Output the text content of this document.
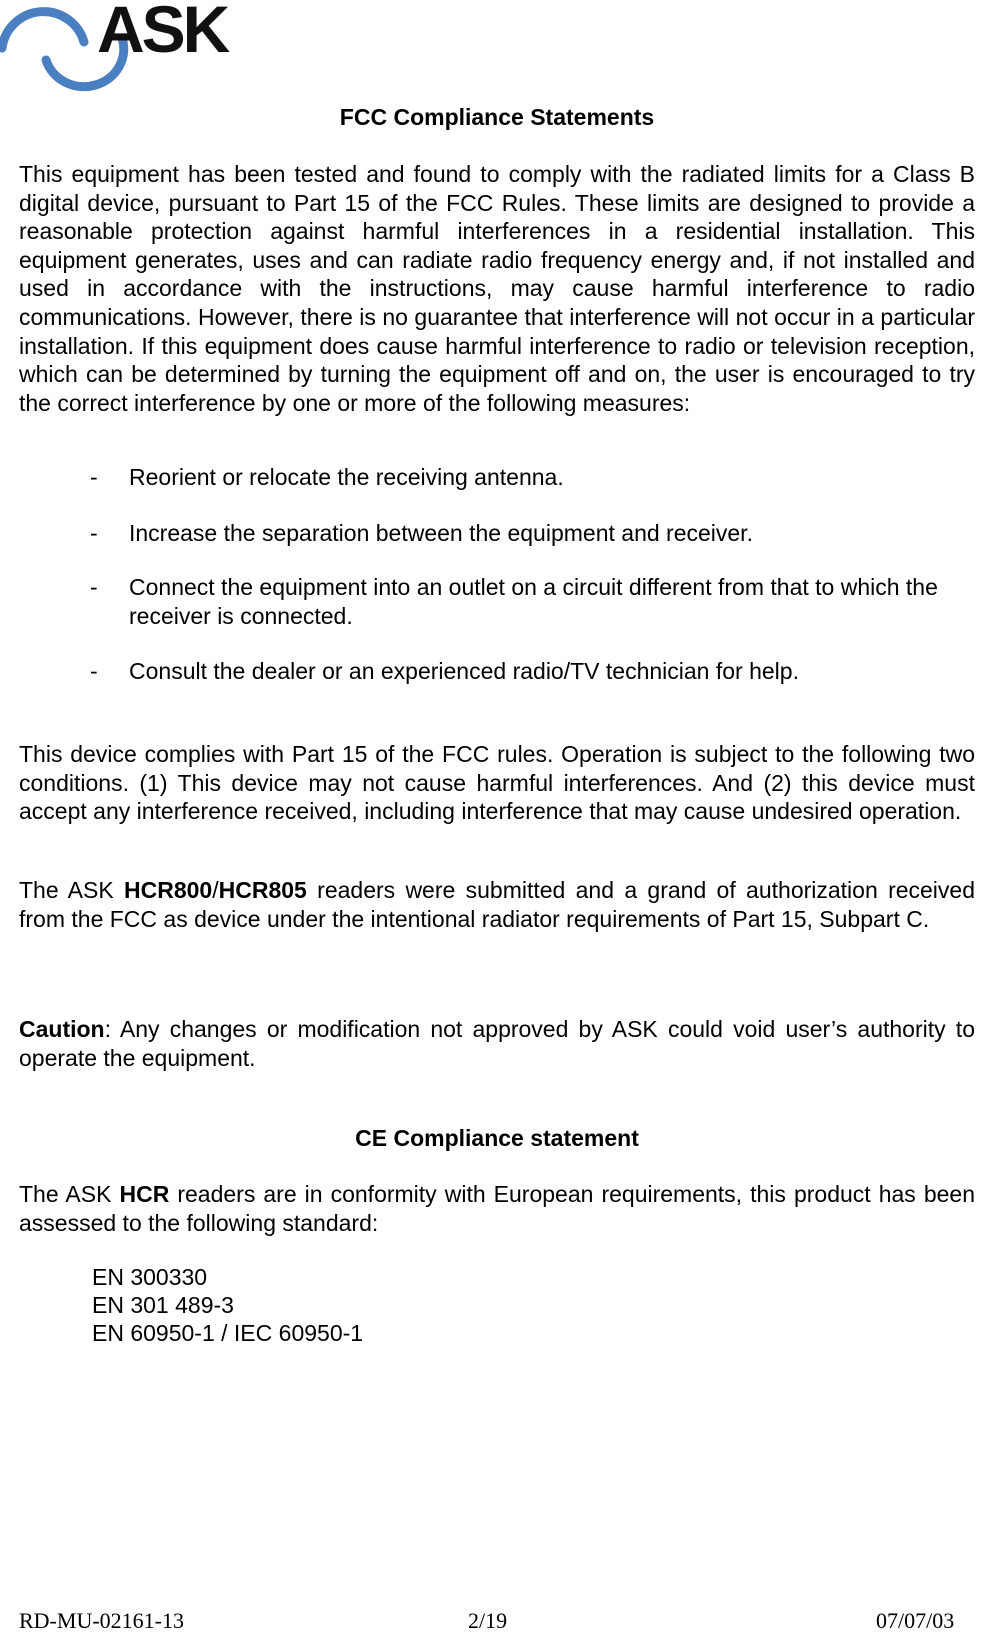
ASK
FCC Compliance Statements
This equipment has been tested and found to comply with the radiated limits for a Class B digital device, pursuant to Part 15 of the FCC Rules. These limits are designed to provide a reasonable protection against harmful interferences in a residential installation. This equipment generates, uses and can radiate radio frequency energy and, if not installed and used in accordance with the instructions, may cause harmful interference to radio communications. However, there is no guarantee that interference will not occur in a particular installation. If this equipment does cause harmful interference to radio or television reception, which can be determined by turning the equipment off and on, the user is encouraged to try the correct interference by one or more of the following measures:
- Reorient or relocate the receiving antenna.
- Increase the separation between the equipment and receiver.
- Connect the equipment into an outlet on a circuit different from that to which the receiver is connected.
- Consult the dealer or an experienced radio/TV technician for help.
This device complies with Part 15 of the FCC rules. Operation is subject to the following two conditions. (1) This device may not cause harmful interferences. And (2) this device must accept any interference received, including interference that may cause undesired operation.
The ASK HCR800/HCR805 readers were submitted and a grand of authorization received from the FCC as device under the intentional radiator requirements of Part 15, Subpart C.
Caution: Any changes or modification not approved by ASK could void user’s authority to operate the equipment.
CE Compliance statement
The ASK HCR readers are in conformity with European requirements, this product has been assessed to the following standard:
EN 300330
EN 301 489-3
EN 60950-1 / IEC 60950-1
RD-MU-02161-13	2/19	07/07/03
